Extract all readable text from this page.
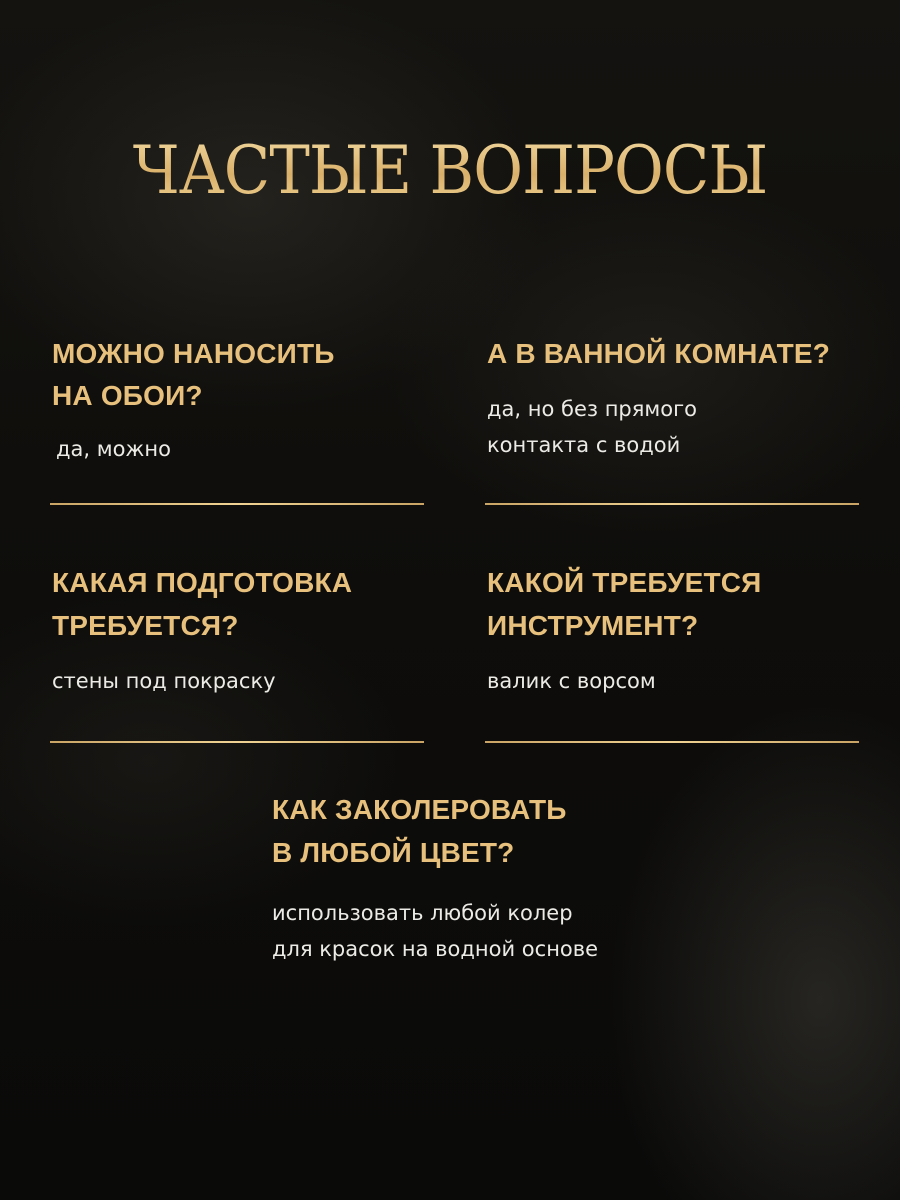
ЧАСТЫЕ ВОПРОСЫ
МОЖНО НАНОСИТЬ
НА ОБОИ?
да, можно
А В ВАННОЙ КОМНАТЕ?
да, но без прямого
контакта с водой
КАКАЯ ПОДГОТОВКА
ТРЕБУЕТСЯ?
стены под покраску
КАКОЙ ТРЕБУЕТСЯ
ИНСТРУМЕНТ?
валик с ворсом
КАК ЗАКОЛЕРОВАТЬ
В ЛЮБОЙ ЦВЕТ?
использовать любой колер
для красок на водной основе
